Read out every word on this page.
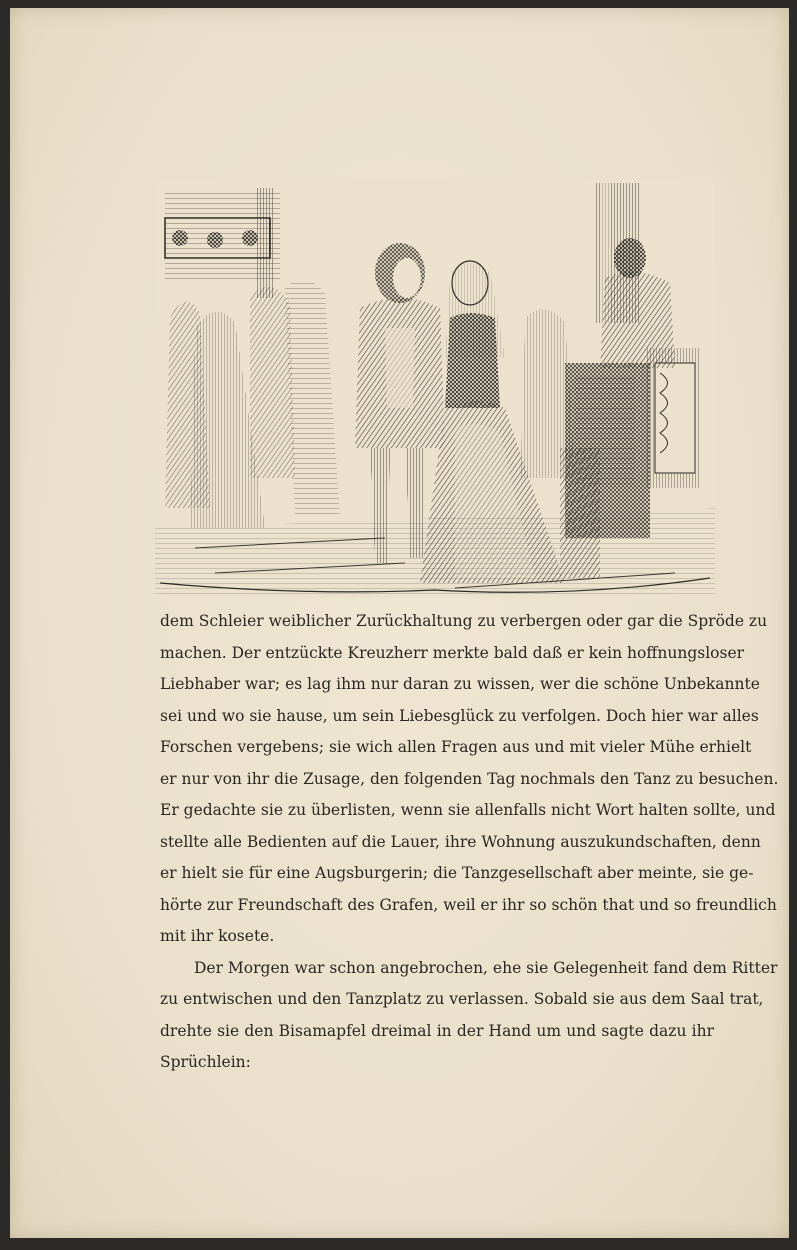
dem Schleier weiblicher Zurückhaltung zu verbergen oder gar die Spröde zu
machen. Der entzückte Kreuzherr merkte bald daß er kein hoffnungsloser
Liebhaber war; es lag ihm nur daran zu wissen, wer die schöne Unbekannte
sei und wo sie hause, um sein Liebesglück zu verfolgen. Doch hier war alles
Forschen vergebens; sie wich allen Fragen aus und mit vieler Mühe erhielt
er nur von ihr die Zusage, den folgenden Tag nochmals den Tanz zu besuchen.
Er gedachte sie zu überlisten, wenn sie allenfalls nicht Wort halten sollte, und
stellte alle Bedienten auf die Lauer, ihre Wohnung auszukundschaften, denn
er hielt sie für eine Augsburgerin; die Tanzgesellschaft aber meinte, sie ge-
hörte zur Freundschaft des Grafen, weil er ihr so schön that und so freundlich
mit ihr kosete.
Der Morgen war schon angebrochen, ehe sie Gelegenheit fand dem Ritter
zu entwischen und den Tanzplatz zu verlassen. Sobald sie aus dem Saal trat,
drehte sie den Bisamapfel dreimal in der Hand um und sagte dazu ihr
Sprüchlein:
